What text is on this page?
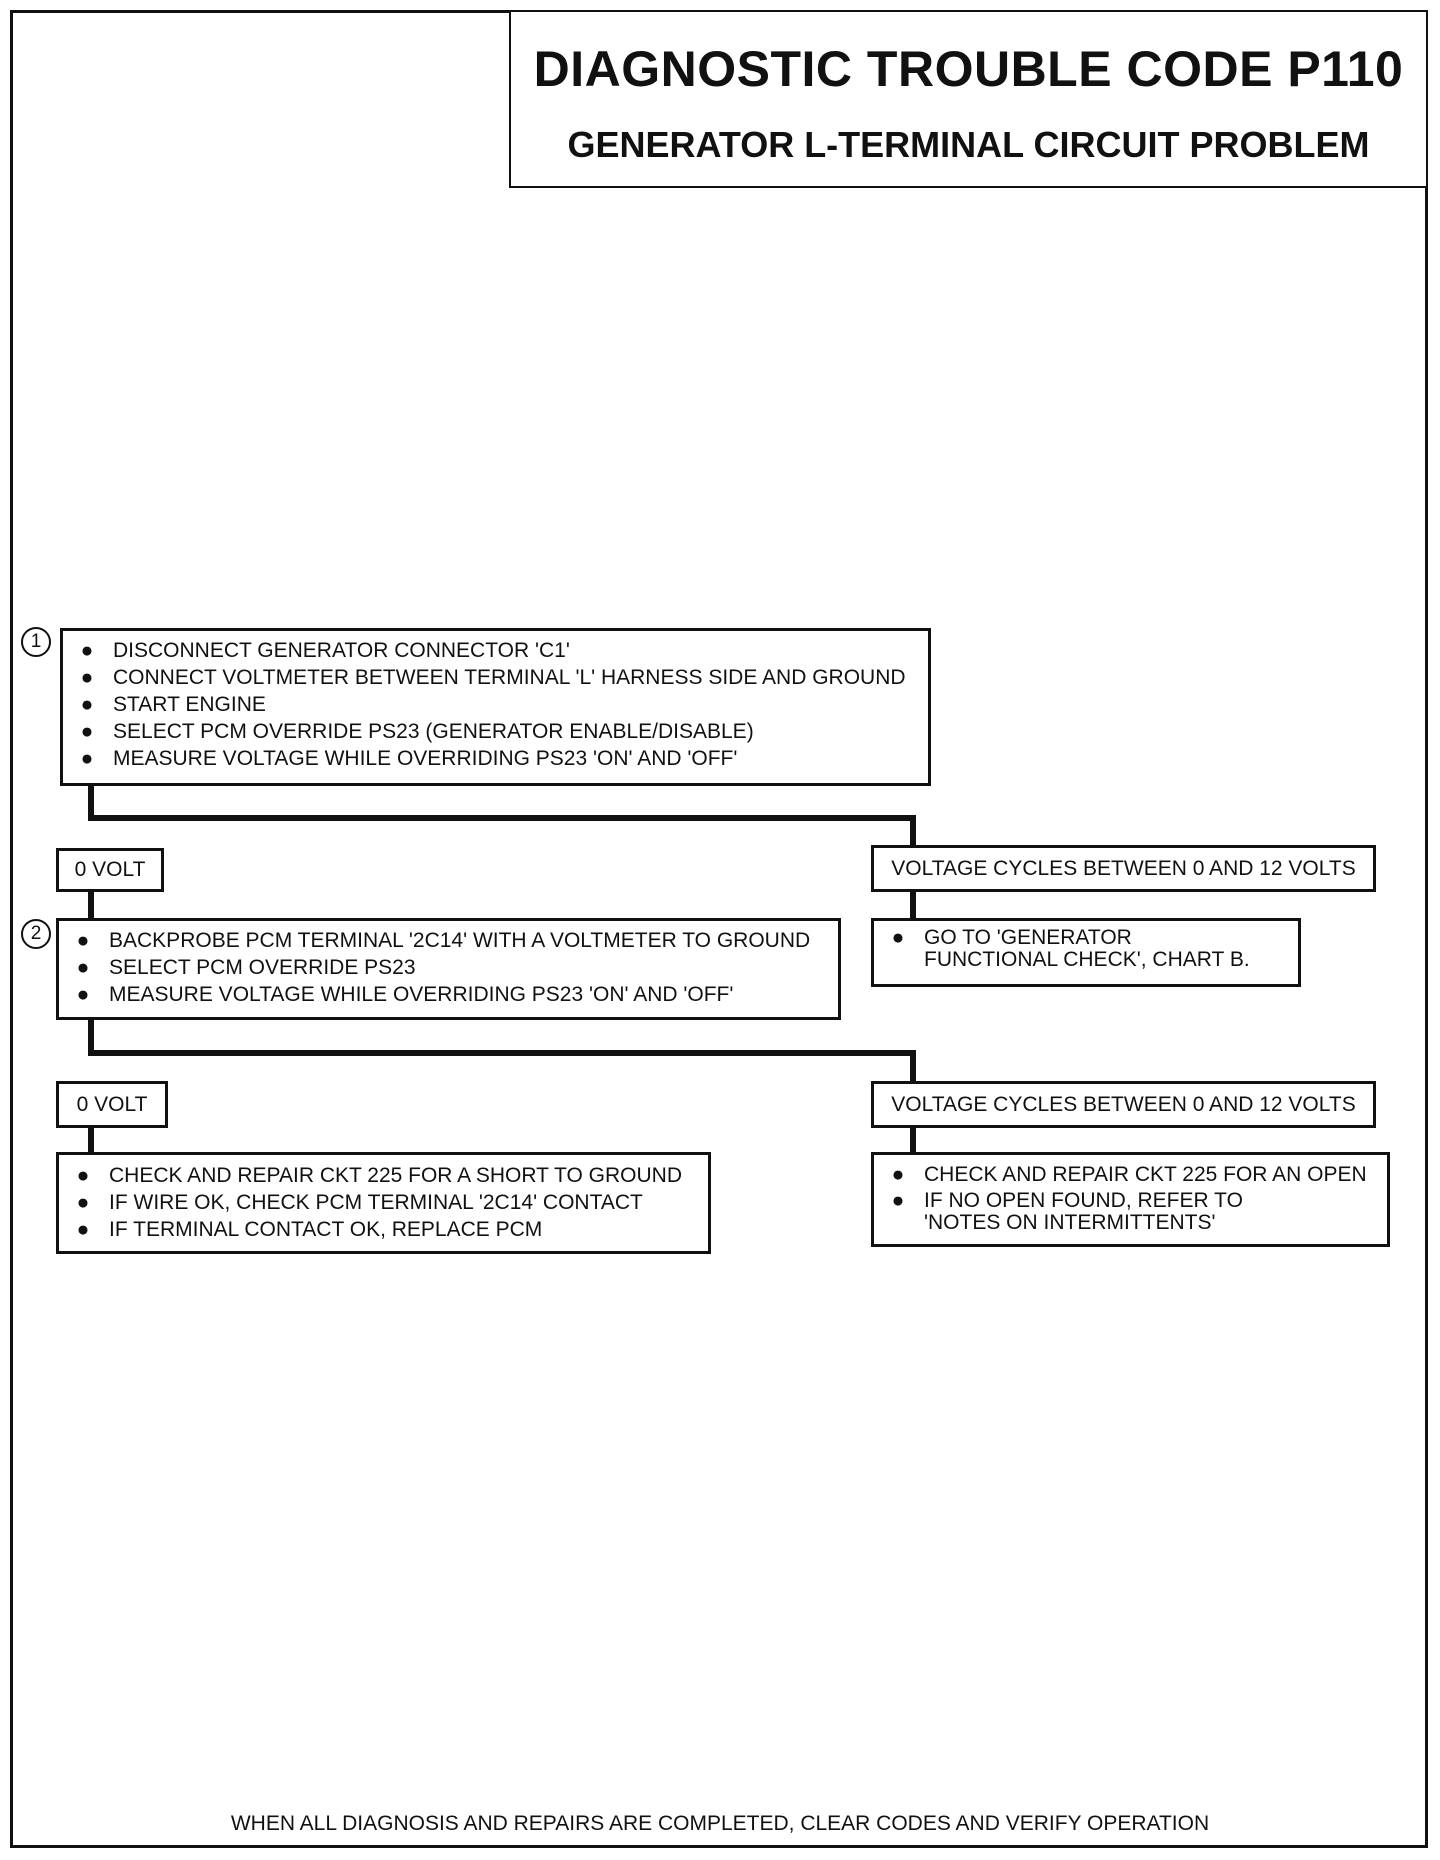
DIAGNOSTIC TROUBLE CODE P110
GENERATOR L-TERMINAL CIRCUIT PROBLEM
1 ● DISCONNECT GENERATOR CONNECTOR 'C1'
● CONNECT VOLTMETER BETWEEN TERMINAL 'L' HARNESS SIDE AND GROUND
● START ENGINE
● SELECT PCM OVERRIDE PS23 (GENERATOR ENABLE/DISABLE)
● MEASURE VOLTAGE WHILE OVERRIDING PS23 'ON' AND 'OFF'
0 VOLT	VOLTAGE CYCLES BETWEEN 0 AND 12 VOLTS
2 ● BACKPROBE PCM TERMINAL '2C14' WITH A VOLTMETER TO GROUND
● SELECT PCM OVERRIDE PS23
● MEASURE VOLTAGE WHILE OVERRIDING PS23 'ON' AND 'OFF'
● GO TO 'GENERATOR FUNCTIONAL CHECK', CHART B.
0 VOLT	VOLTAGE CYCLES BETWEEN 0 AND 12 VOLTS
● CHECK AND REPAIR CKT 225 FOR A SHORT TO GROUND
● IF WIRE OK, CHECK PCM TERMINAL '2C14' CONTACT
● IF TERMINAL CONTACT OK, REPLACE PCM
● CHECK AND REPAIR CKT 225 FOR AN OPEN
● IF NO OPEN FOUND, REFER TO 'NOTES ON INTERMITTENTS'
WHEN ALL DIAGNOSIS AND REPAIRS ARE COMPLETED, CLEAR CODES AND VERIFY OPERATION
